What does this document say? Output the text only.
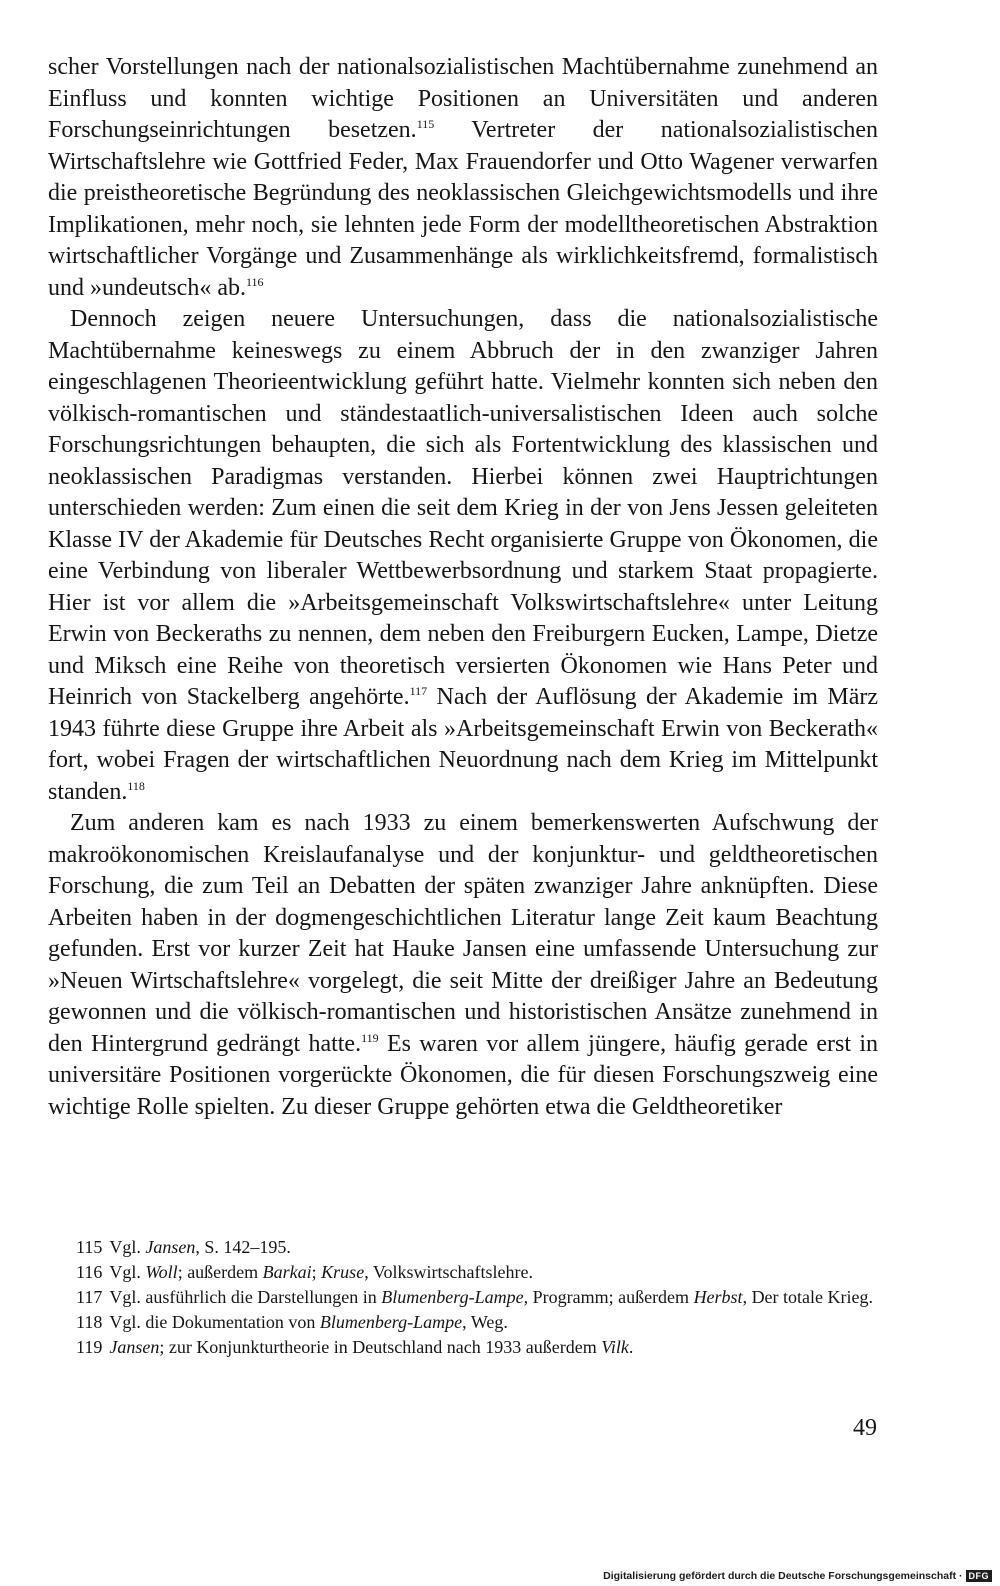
scher Vorstellungen nach der nationalsozialistischen Machtübernahme zunehmend an Einfluss und konnten wichtige Positionen an Universitäten und anderen Forschungseinrichtungen besetzen.$^{115}$ Vertreter der nationalsozialistischen Wirtschaftslehre wie Gottfried Feder, Max Frauendorfer und Otto Wagener verwarfen die preistheoretische Begründung des neoklassischen Gleichgewichtsmodells und ihre Implikationen, mehr noch, sie lehnten jede Form der modelltheoretischen Abstraktion wirtschaftlicher Vorgänge und Zusammenhänge als wirklichkeitsfremd, formalistisch und »undeutsch« ab.$^{116}$

Dennoch zeigen neuere Untersuchungen, dass die nationalsozialistische Machtübernahme keineswegs zu einem Abbruch der in den zwanziger Jahren eingeschlagenen Theorieentwicklung geführt hatte. Vielmehr konnten sich neben den völkisch-romantischen und ständestaatlich-universalistischen Ideen auch solche Forschungsrichtungen behaupten, die sich als Fortentwicklung des klassischen und neoklassischen Paradigmas verstanden. Hierbei können zwei Hauptrichtungen unterschieden werden: Zum einen die seit dem Krieg in der von Jens Jessen geleiteten Klasse IV der Akademie für Deutsches Recht organisierte Gruppe von Ökonomen, die eine Verbindung von liberaler Wettbewerbsordnung und starkem Staat propagierte. Hier ist vor allem die »Arbeitsgemeinschaft Volkswirtschaftslehre« unter Leitung Erwin von Beckeraths zu nennen, dem neben den Freiburgern Eucken, Lampe, Dietze und Miksch eine Reihe von theoretisch versierten Ökonomen wie Hans Peter und Heinrich von Stackelberg angehörte.$^{117}$ Nach der Auflösung der Akademie im März 1943 führte diese Gruppe ihre Arbeit als »Arbeitsgemeinschaft Erwin von Beckerath« fort, wobei Fragen der wirtschaftlichen Neuordnung nach dem Krieg im Mittelpunkt standen.$^{118}$

Zum anderen kam es nach 1933 zu einem bemerkenswerten Aufschwung der makroökonomischen Kreislaufanalyse und der konjunktur- und geldtheoretischen Forschung, die zum Teil an Debatten der späten zwanziger Jahre anknüpften. Diese Arbeiten haben in der dogmengeschichtlichen Literatur lange Zeit kaum Beachtung gefunden. Erst vor kurzer Zeit hat Hauke Jansen eine umfassende Untersuchung zur »Neuen Wirtschaftslehre« vorgelegt, die seit Mitte der dreißiger Jahre an Bedeutung gewonnen und die völkisch-romantischen und historistischen Ansätze zunehmend in den Hintergrund gedrängt hatte.$^{119}$ Es waren vor allem jüngere, häufig gerade erst in universitäre Positionen vorgerückte Ökonomen, die für diesen Forschungszweig eine wichtige Rolle spielten. Zu dieser Gruppe gehörten etwa die Geldtheoretiker

115 Vgl. Jansen, S. 142–195.

116 Vgl. Woll; außerdem Barkai; Kruse, Volkswirtschaftslehre.

117 Vgl. ausführlich die Darstellungen in Blumenberg-Lampe, Programm; außerdem Herbst, Der totale Krieg.

118 Vgl. die Dokumentation von Blumenberg-Lampe, Weg.

119 Jansen; zur Konjunkturtheorie in Deutschland nach 1933 außerdem Vilk.

49
Digitalisierung gefördert durch die Deutsche Forschungsgemeinschaft · DFG
